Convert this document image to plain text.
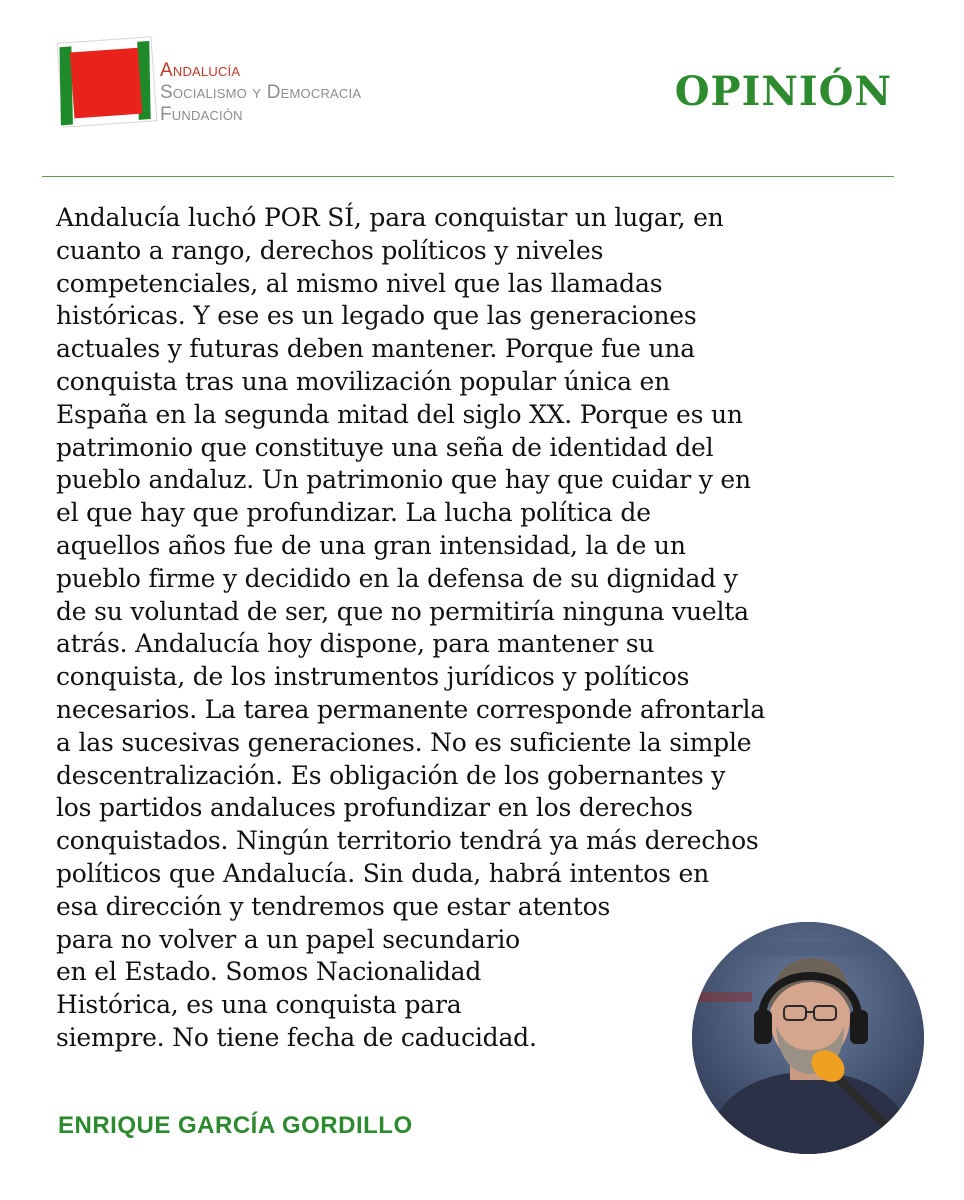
Andalucía
Socialismo y Democracia
Fundación	OPINIÓN
Andalucía luchó POR SÍ, para conquistar un lugar, en
cuanto a rango, derechos políticos y niveles
competenciales, al mismo nivel que las llamadas
históricas. Y ese es un legado que las generaciones
actuales y futuras deben mantener. Porque fue una
conquista tras una movilización popular única en
España en la segunda mitad del siglo XX. Porque es un
patrimonio que constituye una seña de identidad del
pueblo andaluz. Un patrimonio que hay que cuidar y en
el que hay que profundizar. La lucha política de
aquellos años fue de una gran intensidad, la de un
pueblo firme y decidido en la defensa de su dignidad y
de su voluntad de ser, que no permitiría ninguna vuelta
atrás. Andalucía hoy dispone, para mantener su
conquista, de los instrumentos jurídicos y políticos
necesarios. La tarea permanente corresponde afrontarla
a las sucesivas generaciones. No es suficiente la simple
descentralización. Es obligación de los gobernantes y
los partidos andaluces profundizar en los derechos
conquistados. Ningún territorio tendrá ya más derechos
políticos que Andalucía. Sin duda, habrá intentos en
esa dirección y tendremos que estar atentos
para no volver a un papel secundario
en el Estado. Somos Nacionalidad
Histórica, es una conquista para
siempre. No tiene fecha de caducidad.
ENRIQUE GARCÍA GORDILLO
